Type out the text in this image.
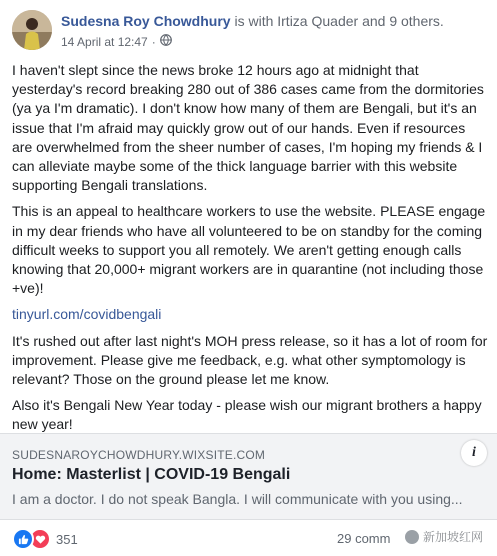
Sudesna Roy Chowdhury is with Irtiza Quader and 9 others.
14 April at 12:47 ·

I haven't slept since the news broke 12 hours ago at midnight that yesterday's record breaking 280 out of 386 cases came from the dormitories (ya ya I'm dramatic). I don't know how many of them are Bengali, but it's an issue that I'm afraid may quickly grow out of our hands. Even if resources are overwhelmed from the sheer number of cases, I'm hoping my friends & I can alleviate maybe some of the thick language barrier with this website supporting Bengali translations.

This is an appeal to healthcare workers to use the website. PLEASE engage in my dear friends who have all volunteered to be on standby for the coming difficult weeks to support you all remotely. We aren't getting enough calls knowing that 20,000+ migrant workers are in quarantine (not including those +ve)!

tinyurl.com/covidbengali

It's rushed out after last night's MOH press release, so it has a lot of room for improvement. Please give me feedback, e.g. what other symptomology is relevant? Those on the ground please let me know.

Also it's Bengali New Year today - please wish our migrant brothers a happy new year!

SUDESNAROYCHOWDHURY.WIXSITE.COM
Home: Masterlist | COVID-19 Bengali
I am a doctor. I do not speak Bangla. I will communicate with you using...
i
351	29 comm	新加坡红网
